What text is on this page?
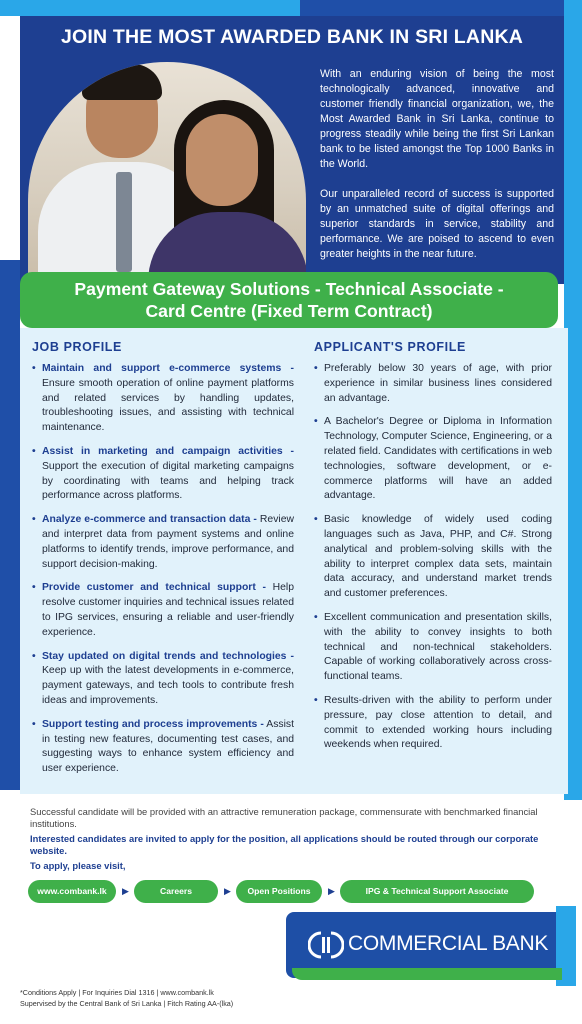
JOIN THE MOST AWARDED BANK IN SRI LANKA

With an enduring vision of being the most technologically advanced, innovative and customer friendly financial organization, we, the Most Awarded Bank in Sri Lanka, continue to progress steadily while being the first Sri Lankan bank to be listed amongst the Top 1000 Banks in the World.

Our unparalleled record of success is supported by an unmatched suite of digital offerings and superior standards in service, stability and performance. We are poised to ascend to even greater heights in the near future.

Payment Gateway Solutions - Technical Associate -
Card Centre (Fixed Term Contract)
JOB PROFILE	APPLICANT'S PROFILE
• Maintain and support e-commerce systems - Ensure smooth operation of online payment platforms and related services by handling updates, troubleshooting issues, and assisting with technical maintenance.
• Assist in marketing and campaign activities - Support the execution of digital marketing campaigns by coordinating with teams and helping track performance across platforms.
• Analyze e-commerce and transaction data - Review and interpret data from payment systems and online platforms to identify trends, improve performance, and support decision-making.
• Provide customer and technical support - Help resolve customer inquiries and technical issues related to IPG services, ensuring a reliable and user-friendly experience.
• Stay updated on digital trends and technologies - Keep up with the latest developments in e-commerce, payment gateways, and tech tools to contribute fresh ideas and improvements.
• Support testing and process improvements - Assist in testing new features, documenting test cases, and suggesting ways to enhance system efficiency and user experience.
• Preferably below 30 years of age, with prior experience in similar business lines considered an advantage.
• A Bachelor's Degree or Diploma in Information Technology, Computer Science, Engineering, or a related field. Candidates with certifications in web technologies, software development, or e-commerce platforms will have an added advantage.
• Basic knowledge of widely used coding languages such as Java, PHP, and C#. Strong analytical and problem-solving skills with the ability to interpret complex data sets, maintain data accuracy, and understand market trends and customer preferences.
• Excellent communication and presentation skills, with the ability to convey insights to both technical and non-technical stakeholders. Capable of working collaboratively across cross-functional teams.
• Results-driven with the ability to perform under pressure, pay close attention to detail, and commit to extended working hours including weekends when required.
Successful candidate will be provided with an attractive remuneration package, commensurate with benchmarked financial institutions.
Interested candidates are invited to apply for the position, all applications should be routed through our corporate website.
To apply, please visit,
www.combank.lk	▶	Careers	▶	Open Positions	▶	IPG & Technical Support Associate
COMMERCIAL BANK
*Conditions Apply | For Inquiries Dial 1316 | www.combank.lk
Supervised by the Central Bank of Sri Lanka | Fitch Rating AA-(lka)
